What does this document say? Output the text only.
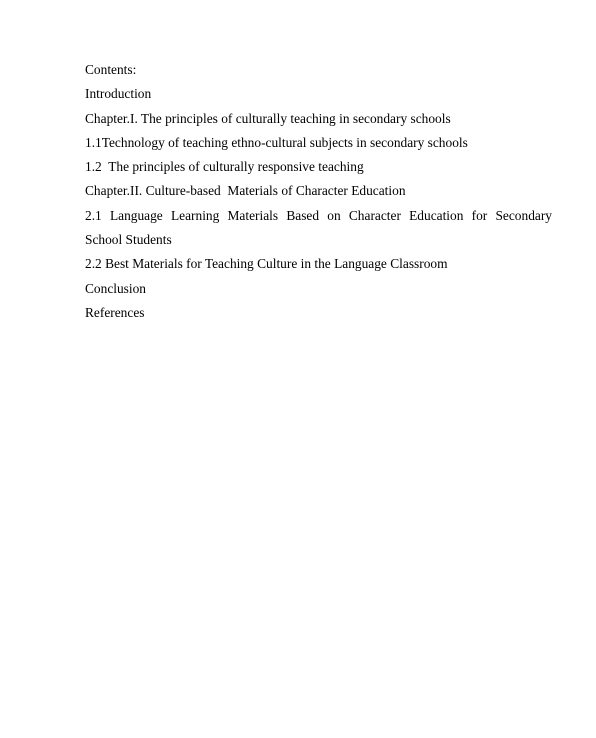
Contents:

Introduction

Chapter.I. The principles of culturally teaching in secondary schools

1.1Technology of teaching ethno-cultural subjects in secondary schools

1.2  The principles of culturally responsive teaching

Chapter.II. Culture-based  Materials of Character Education

2.1 Language Learning Materials Based on Character Education for Secondary
School Students

2.2 Best Materials for Teaching Culture in the Language Classroom

Conclusion

References
